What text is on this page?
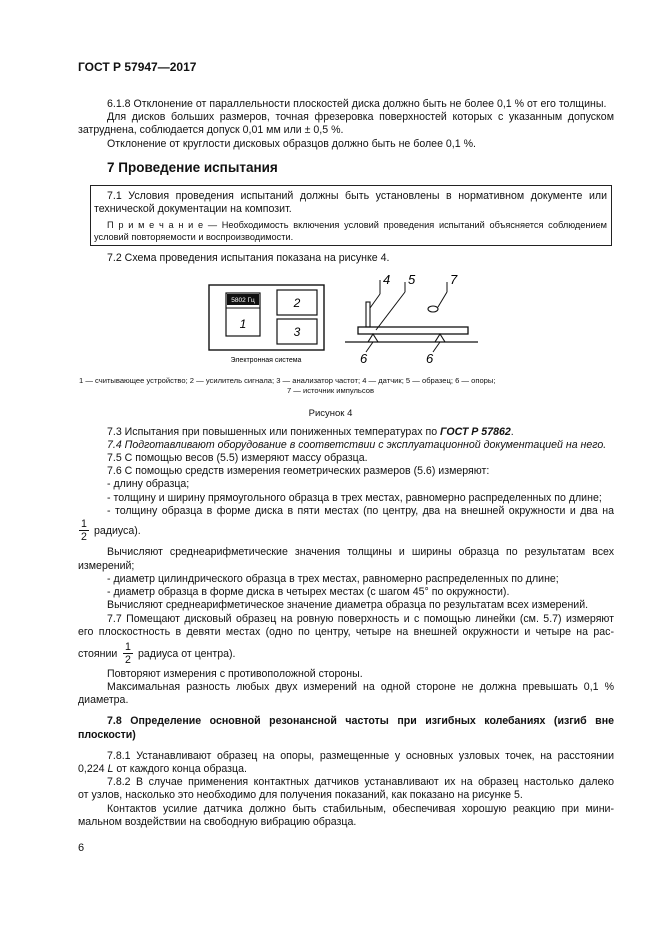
ГОСТ Р 57947—2017
6.1.8 Отклонение от параллельности плоскостей диска должно быть не более 0,1 % от его толщины.
Для дисков больших размеров, точная фрезеровка поверхностей которых с указанным допуском
затруднена, соблюдается допуск 0,01 мм или ± 0,5 %.
Отклонение от круглости дисковых образцов должно быть не более 0,1 %.
7 Проведение испытания
7.1 Условия проведения испытаний должны быть установлены в нормативном документе или
технической документации на композит.
П р и м е ч а н и е — Необходимость включения условий проведения испытаний объясняется соблюдением
условий повторяемости и воспроизводимости.
7.2 Схема проведения испытания показана на рисунке 4.
5802 Гц
1
2
3
Электронная система
4 5
6	6
7
1 — считывающее устройство; 2 — усилитель сигнала; 3 — анализатор частот; 4 — датчик; 5 — образец; 6 — опоры;
7 — источник импульсов
Рисунок 4
7.3 Испытания при повышенных или пониженных температурах по ГОСТ Р 57862.
7.4 Подготавливают оборудование в соответствии с эксплуатационной документацией на него.
7.5 С помощью весов (5.5) измеряют массу образца.
7.6 С помощью средств измерения геометрических размеров (5.6) измеряют:
- длину образца;
- толщину и ширину прямоугольного образца в трех местах, равномерно распределенных по длине;
- толщину образца в форме диска в пяти местах (по центру, два на внешней окружности и два на
1
2 радиуса).
Вычисляют среднеарифметические значения толщины и ширины образца по результатам всех
измерений;
- диаметр цилиндрического образца в трех местах, равномерно распределенных по длине;
- диаметр образца в форме диска в четырех местах (с шагом 45° по окружности).
Вычисляют среднеарифметическое значение диаметра образца по результатам всех измерений.
7.7 Помещают дисковый образец на ровную поверхность и с помощью линейки (см. 5.7) измеряют
его плоскостность в девяти местах (одно по центру, четыре на внешней окружности и четыре на рас-
стоянии
1
2 радиуса от центра).
Повторяют измерения с противоположной стороны.
Максимальная разность любых двух измерений на одной стороне не должна превышать 0,1 %
диаметра.
7.8 Определение основной резонансной частоты при изгибных колебаниях (изгиб вне
плоскости)
7.8.1 Устанавливают образец на опоры, размещенные у основных узловых точек, на расстоянии
0,224 L от каждого конца образца.
7.8.2 В случае применения контактных датчиков устанавливают их на образец настолько далеко
от узлов, насколько это необходимо для получения показаний, как показано на рисунке 5.
Контактов усилие датчика должно быть стабильным, обеспечивая хорошую реакцию при мини-
мальном воздействии на свободную вибрацию образца.
6
